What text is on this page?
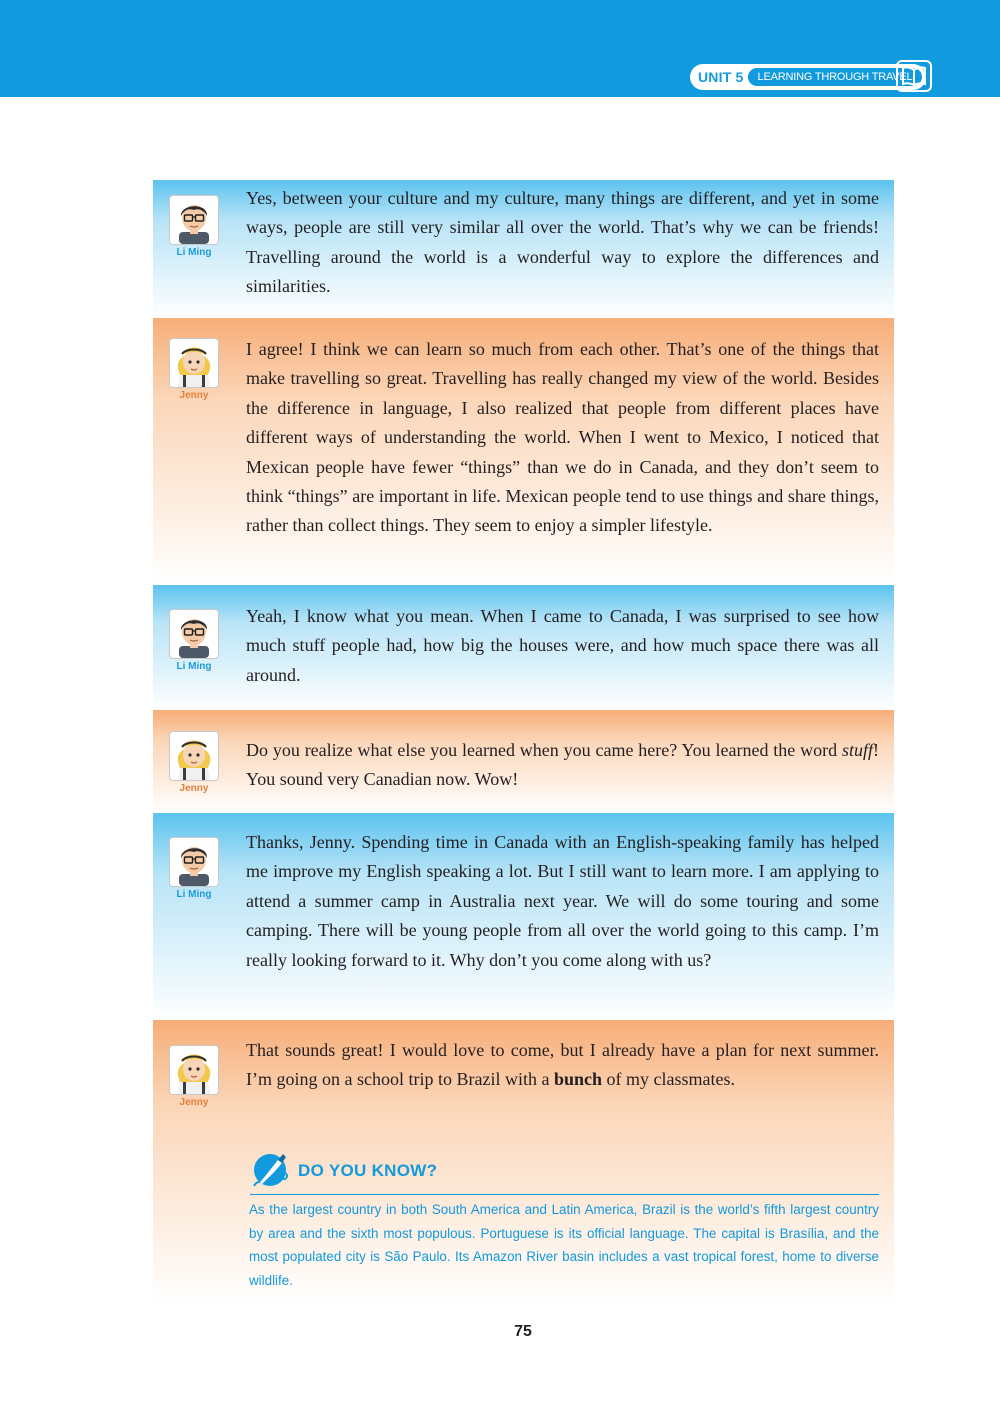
UNIT 5	LEARNING THROUGH TRAVEL
Li Ming

Yes, between your culture and my culture, many things are different, and yet in some ways, people are still very similar all over the world. That’s why we can be friends! Travelling around the world is a wonderful way to explore the differences and similarities.

Jenny

I agree! I think we can learn so much from each other. That’s one of the things that make travelling so great. Travelling has really changed my view of the world. Besides the difference in language, I also realized that people from different places have different ways of understanding the world. When I went to Mexico, I noticed that Mexican people have fewer “things” than we do in Canada, and they don’t seem to think “things” are important in life. Mexican people tend to use things and share things, rather than collect things. They seem to enjoy a simpler lifestyle.

Li Ming

Yeah, I know what you mean. When I came to Canada, I was surprised to see how much stuff people had, how big the houses were, and how much space there was all around.

Jenny

Do you realize what else you learned when you came here? You learned the word stuff! You sound very Canadian now. Wow!

Li Ming

Thanks, Jenny. Spending time in Canada with an English-speaking family has helped me improve my English speaking a lot. But I still want to learn more. I am applying to attend a summer camp in Australia next year. We will do some touring and some camping. There will be young people from all over the world going to this camp. I’m really looking forward to it. Why don’t you come along with us?

Jenny

That sounds great! I would love to come, but I already have a plan for next summer. I’m going on a school trip to Brazil with a bunch of my classmates.

DO YOU KNOW?

As the largest country in both South America and Latin America, Brazil is the world’s fifth largest country by area and the sixth most populous. Portuguese is its official language. The capital is Brasília, and the most populated city is São Paulo. Its Amazon River basin includes a vast tropical forest, home to diverse wildlife.

75
